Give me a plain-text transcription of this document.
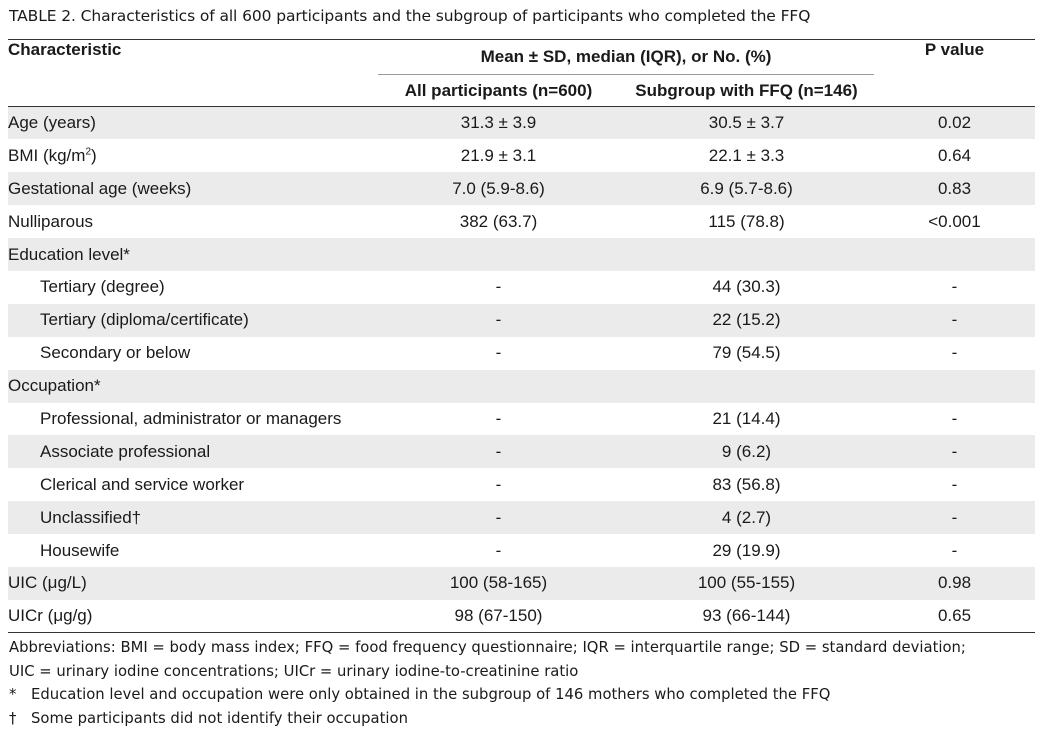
TABLE 2. Characteristics of all 600 participants and the subgroup of participants who completed the FFQ
Characteristic	Mean ± SD, median (IQR), or No. (%)		P value
	All participants (n=600)	Subgroup with FFQ (n=146)	
Age (years)	31.3 ± 3.9	30.5 ± 3.7	0.02
BMI $(kg/m^2)$	21.9 ± 3.1	22.1 ± 3.3	0.64
Gestational age (weeks)	7.0 (5.9-8.6)	6.9 (5.7-8.6)	0.83
Nulliparous	382 (63.7)	115 (78.8)	<0.001
Education level*			
Tertiary (degree)	-	44 (30.3)	-
Tertiary (diploma/certificate)	-	22 (15.2)	-
Secondary or below	-	79 (54.5)	-
Occupation*			
Professional, administrator or managers	-	21 (14.4)	-
Associate professional	-	9 (6.2)	-
Clerical and service worker	-	83 (56.8)	-
Unclassified†	-	4 (2.7)	-
Housewife	-	29 (19.9)	-
UIC (μg/L)	100 (58-165)	100 (55-155)	0.98
UICr (μg/g)	98 (67-150)	93 (66-144)	0.65
Abbreviations: BMI = body mass index; FFQ = food frequency questionnaire; IQR = interquartile range; SD = standard deviation;
UIC = urinary iodine concentrations; UICr = urinary iodine-to-creatinine ratio
* Education level and occupation were only obtained in the subgroup of 146 mothers who completed the FFQ
† Some participants did not identify their occupation
